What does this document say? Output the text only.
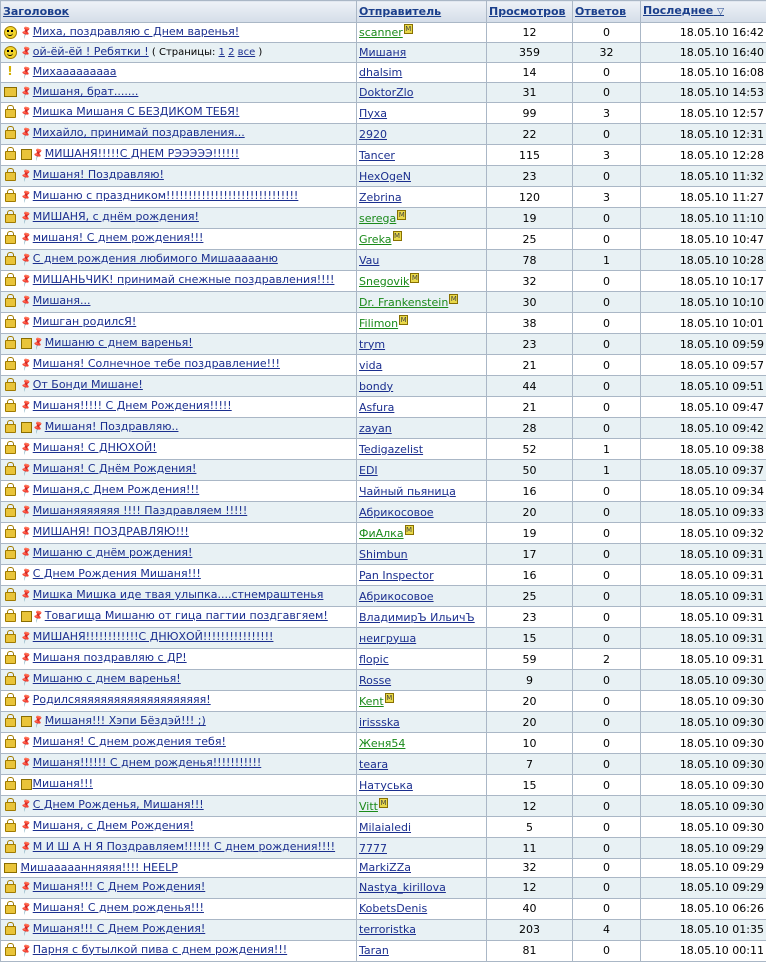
Заголовок	Отправитель	Просмотров	Ответов	Последнее ▽
📌Миха, поздравляю с Днем варенья!	scanner M	12	0	18.05.10 16:42
📌ой-ёй-ёй ! Ребятки ! ( Страницы: 1 2 все )	Мишаня	359	32	18.05.10 16:40
! 📌Михааааааааа	dhalsim	14	0	18.05.10 16:08
📌Мишаня, брат.......	DoktorZlo	31	0	18.05.10 14:53
📌Мишка Мишаня С БЕЗДИКОМ ТЕБЯ!	Пуха	99	3	18.05.10 12:57
📌Михайло, принимай поздравления...	2920	22	0	18.05.10 12:31
📌МИШАНЯ!!!!!С ДНЕМ РЭЭЭЭЭ!!!!!!	Tancer	115	3	18.05.10 12:28
📌Мишаня! Поздравляю!	HexOgeN	23	0	18.05.10 11:32
📌Мишаню с праздником!!!!!!!!!!!!!!!!!!!!!!!!!!!!!!	Zebrina	120	3	18.05.10 11:27
📌МИШАНЯ, с днём рождения!	serega M	19	0	18.05.10 11:10
📌мишаня! С днем рождения!!!	Greka M	25	0	18.05.10 10:47
📌С днем рождения любимого Мишаааааню	Vau	78	1	18.05.10 10:28
📌МИШАНЬЧИК! принимай снежные поздравления!!!!	Snegovik M	32	0	18.05.10 10:17
📌Мишаня...	Dr. Frankenstein M	30	0	18.05.10 10:10
📌Мишган родилсЯ!	Filimon M	38	0	18.05.10 10:01
📌Мишаню с днем варенья!	trym	23	0	18.05.10 09:59
📌Мишаня! Солнечное тебе поздравление!!!	vida	21	0	18.05.10 09:57
📌От Бонди Мишане!	bondy	44	0	18.05.10 09:51
📌Мишаня!!!!! С Днем Рождения!!!!!	Asfura	21	0	18.05.10 09:47
📌Мишаня! Поздравляю..	zayan	28	0	18.05.10 09:42
📌Мишаня! С ДНЮХОЙ!	Tedigazelist	52	1	18.05.10 09:38
📌Мишаня! С Днём Рождения!	EDI	50	1	18.05.10 09:37
📌Мишаня,с Днем Рождения!!!	Чайный пьяница	16	0	18.05.10 09:34
📌Мишаняяяяяяя !!!! Паздравляем !!!!!	Абрикосовое	20	0	18.05.10 09:33
📌МИШАНЯ! ПОЗДРАВЛЯЮ!!!	ФиАлка M	19	0	18.05.10 09:32
📌Мишаню с днём рождения!	Shimbun	17	0	18.05.10 09:31
📌С Днем Рождения Мишаня!!!	Pan Inspector	16	0	18.05.10 09:31
📌Мишка Мишка иде твая улыпка....стнемраштенья	Абрикосовое	25	0	18.05.10 09:31
📌Товагища Мишаню от гица пагтии поздгавгяем!	ВладимирЪ ИльичЪ	23	0	18.05.10 09:31
📌МИШАНЯ!!!!!!!!!!!!С ДНЮХОЙ!!!!!!!!!!!!!!!!	неигруша	15	0	18.05.10 09:31
📌Мишаня поздравляю с ДР!	flopic	59	2	18.05.10 09:31
📌Мишаню с днем варенья!	Rosse	9	0	18.05.10 09:30
📌Родилсяяяяяяяяяяяяяяяяяяяя!	Kent M	20	0	18.05.10 09:30
📌Мишаня!!! Хэпи Бёздэй!!! ;)	irissska	20	0	18.05.10 09:30
📌Мишаня! С днем рождения тебя!	Женя54	10	0	18.05.10 09:30
📌Мишаня!!!!!! С днем рожденья!!!!!!!!!!!	teara	7	0	18.05.10 09:30
Мишаня!!!	Натуська	15	0	18.05.10 09:30
📌С Днем Рожденья, Мишаня!!!	Vitt M	12	0	18.05.10 09:30
📌Мишаня, с Днем Рождения!	Milaialedi	5	0	18.05.10 09:30
📌М И Ш А Н Я Поздравляем!!!!!! С днем рождения!!!!	7777	11	0	18.05.10 09:29
Мишааааанняяяя!!!! HEELP	MarkiZZa	32	0	18.05.10 09:29
📌Мишаня!!! С Днем Рождения!	Nastya_kirillova	12	0	18.05.10 09:29
📌Мишаня! С днем рожденья!!!	KobetsDenis	40	0	18.05.10 06:26
📌Мишаня!!! С Днем Рождения!	terroristka	203	4	18.05.10 01:35
📌Парня с бутылкой пива с днем рождения!!!	Taran	81	0	18.05.10 00:11
